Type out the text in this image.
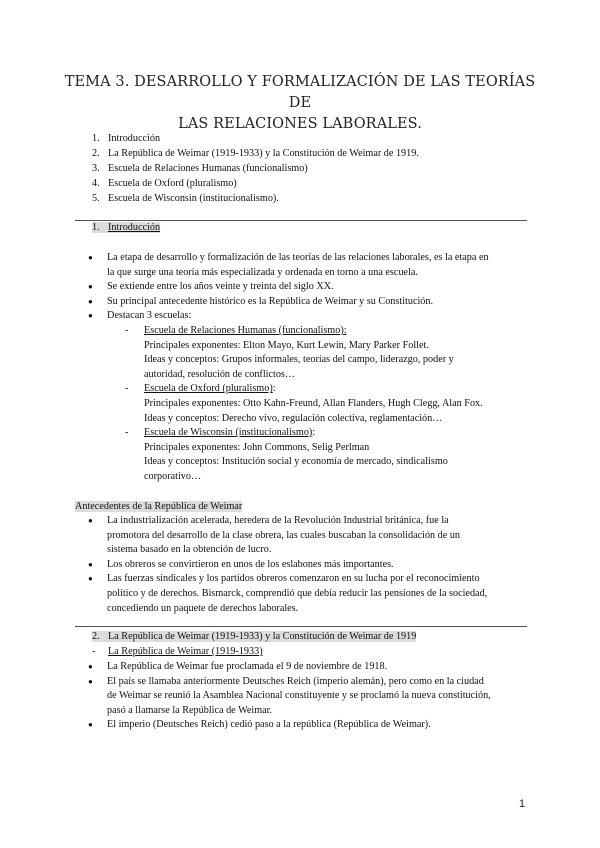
TEMA 3. DESARROLLO Y FORMALIZACIÓN DE LAS TEORÍAS DE
LAS RELACIONES LABORALES.
1. Introducción
2. La República de Weimar (1919-1933) y la Constitución de Weimar de 1919.
3. Escuela de Relaciones Humanas (funcionalismo)
4. Escuela de Oxford (pluralismo)
5. Escuela de Wisconsin (institucionalismo).
1. Introducción
● La etapa de desarrollo y formalización de las teorías de las relaciones laborales, es la etapa en
la que surge una teoría más especializada y ordenada en torno a una escuela.
● Se extiende entre los años veinte y treinta del siglo XX.
● Su principal antecedente histórico es la República de Weimar y su Constitución.
● Destacan 3 escuelas:
- Escuela de Relaciones Humanas (funcionalismo):
Principales exponentes: Elton Mayo, Kurt Lewin, Mary Parker Follet.
Ideas y conceptos: Grupos informales, teorías del campo, liderazgo, poder y
autoridad, resolución de conflictos…
- Escuela de Oxford (pluralismo):
Principales exponentes: Otto Kahn-Freund, Allan Flanders, Hugh Clegg, Alan Fox.
Ideas y conceptos: Derecho vivo, regulación colectiva, reglamentación…
- Escuela de Wisconsin (institucionalismo):
Principales exponentes: John Commons, Selig Perlman
Ideas y conceptos: Institución social y economía de mercado, sindicalismo
corporativo…
Antecedentes de la República de Weimar
● La industrialización acelerada, heredera de la Revolución Industrial británica, fue la
promotora del desarrollo de la clase obrera, las cuales buscaban la consolidación de un
sistema basado en la obtención de lucro.
● Los obreros se convirtieron en unos de los eslabones más importantes.
● Las fuerzas sindicales y los partidos obreros comenzaron en su lucha por el reconocimiento
político y de derechos. Bismarck, comprendió que debía reducir las pensiones de la sociedad,
concediendo un paquete de derechos laborales.
2. La República de Weimar (1919-1933) y la Constitución de Weimar de 1919
- La República de Weimar (1919-1933)
● La República de Weimar fue proclamada el 9 de noviembre de 1918.
● El país se llamaba anteriormente Deutsches Reich (imperio alemán), pero como en la ciudad
de Weimar se reunió la Asamblea Nacional constituyente y se proclamó la nueva constitución,
pasó a llamarse la República de Weimar.
● El imperio (Deutsches Reich) cedió paso a la república (República de Weimar).
1
